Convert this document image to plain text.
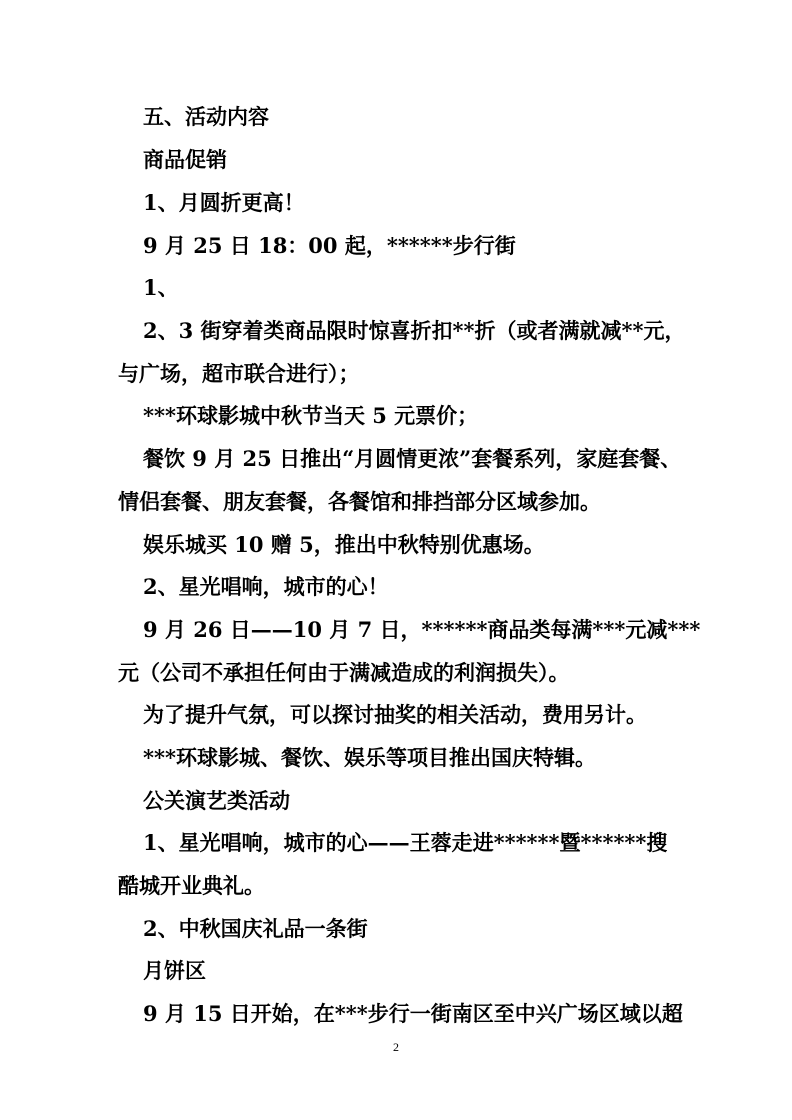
五、活动内容
商品促销
1、月圆折更高！
9 月 25 日 18：00 起，******步行街
1、
2、3 街穿着类商品限时惊喜折扣**折（或者满就减**元，
与广场，超市联合进行）；
***环球影城中秋节当天 5 元票价；
餐饮 9 月 25 日推出“月圆情更浓”套餐系列，家庭套餐、
情侣套餐、朋友套餐，各餐馆和排挡部分区域参加。
娱乐城买 10 赠 5，推出中秋特别优惠场。
2、星光唱响，城市的心！
9 月 26 日——10 月 7 日，******商品类每满***元减***
元（公司不承担任何由于满减造成的利润损失）。
为了提升气氛，可以探讨抽奖的相关活动，费用另计。
***环球影城、餐饮、娱乐等项目推出国庆特辑。
公关演艺类活动
1、星光唱响，城市的心——王蓉走进******暨******搜
酷城开业典礼。
2、中秋国庆礼品一条街
月饼区
9 月 15 日开始，在***步行一街南区至中兴广场区域以超
2
